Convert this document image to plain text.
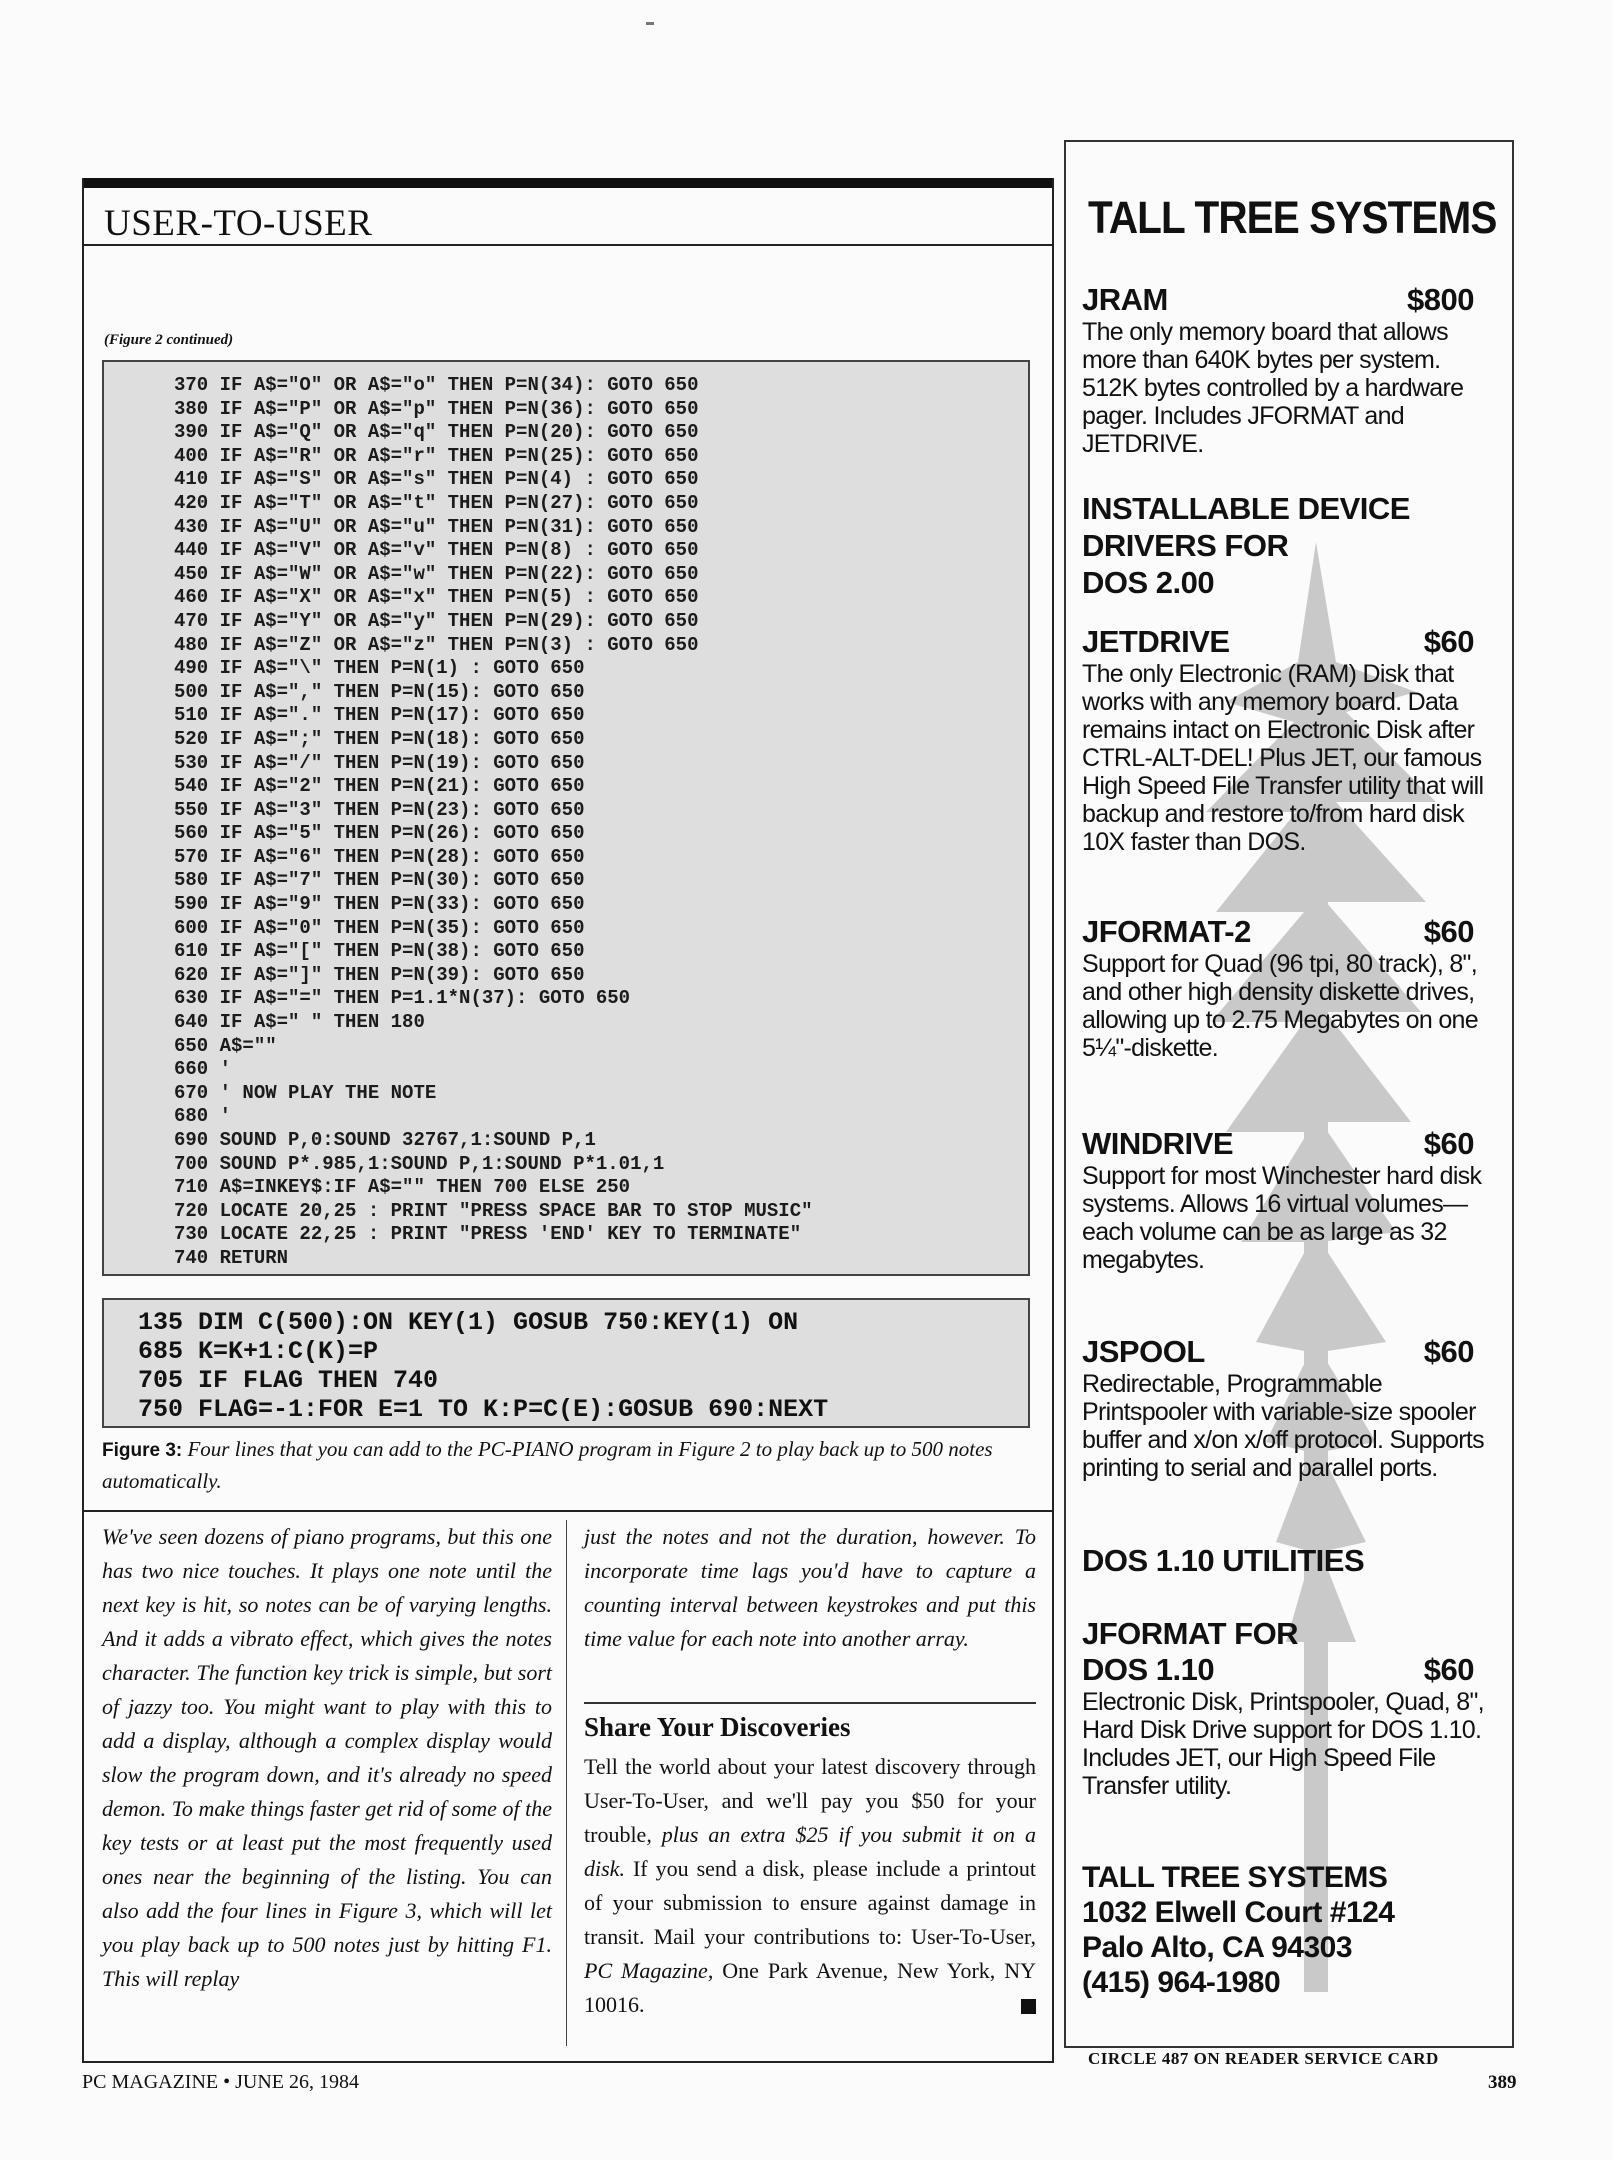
USER-TO-USER
(Figure 2 continued)
370 IF A$="O" OR A$="o" THEN P=N(34): GOTO 650
380 IF A$="P" OR A$="p" THEN P=N(36): GOTO 650
390 IF A$="Q" OR A$="q" THEN P=N(20): GOTO 650
400 IF A$="R" OR A$="r" THEN P=N(25): GOTO 650
410 IF A$="S" OR A$="s" THEN P=N(4) : GOTO 650
420 IF A$="T" OR A$="t" THEN P=N(27): GOTO 650
430 IF A$="U" OR A$="u" THEN P=N(31): GOTO 650
440 IF A$="V" OR A$="v" THEN P=N(8) : GOTO 650
450 IF A$="W" OR A$="w" THEN P=N(22): GOTO 650
460 IF A$="X" OR A$="x" THEN P=N(5) : GOTO 650
470 IF A$="Y" OR A$="y" THEN P=N(29): GOTO 650
480 IF A$="Z" OR A$="z" THEN P=N(3) : GOTO 650
490 IF A$="\" THEN P=N(1) : GOTO 650
500 IF A$="," THEN P=N(15): GOTO 650
510 IF A$="." THEN P=N(17): GOTO 650
520 IF A$=";" THEN P=N(18): GOTO 650
530 IF A$="/" THEN P=N(19): GOTO 650
540 IF A$="2" THEN P=N(21): GOTO 650
550 IF A$="3" THEN P=N(23): GOTO 650
560 IF A$="5" THEN P=N(26): GOTO 650
570 IF A$="6" THEN P=N(28): GOTO 650
580 IF A$="7" THEN P=N(30): GOTO 650
590 IF A$="9" THEN P=N(33): GOTO 650
600 IF A$="0" THEN P=N(35): GOTO 650
610 IF A$="[" THEN P=N(38): GOTO 650
620 IF A$="]" THEN P=N(39): GOTO 650
630 IF A$="=" THEN P=1.1*N(37): GOTO 650
640 IF A$=" " THEN 180
650 A$=""
660 '
670 ' NOW PLAY THE NOTE
680 '
690 SOUND P,0:SOUND 32767,1:SOUND P,1
700 SOUND P*.985,1:SOUND P,1:SOUND P*1.01,1
710 A$=INKEY$:IF A$="" THEN 700 ELSE 250
720 LOCATE 20,25 : PRINT "PRESS SPACE BAR TO STOP MUSIC"
730 LOCATE 22,25 : PRINT "PRESS 'END' KEY TO TERMINATE"
740 RETURN
135 DIM C(500):ON KEY(1) GOSUB 750:KEY(1) ON
685 K=K+1:C(K)=P
705 IF FLAG THEN 740
750 FLAG=-1:FOR E=1 TO K:P=C(E):GOSUB 690:NEXT
Figure 3: Four lines that you can add to the PC-PIANO program in Figure 2 to play back up to 500 notes automatically.
We've seen dozens of piano programs, but this one has two nice touches. It plays one note until the next key is hit, so notes can be of varying lengths. And it adds a vibrato effect, which gives the notes character. The function key trick is simple, but sort of jazzy too. You might want to play with this to add a display, although a complex display would slow the program down, and it's already no speed demon. To make things faster get rid of some of the key tests or at least put the most frequently used ones near the beginning of the listing. You can also add the four lines in Figure 3, which will let you play back up to 500 notes just by hitting F1. This will replay
just the notes and not the duration, however. To incorporate time lags you'd have to capture a counting interval between keystrokes and put this time value for each note into another array.
Share Your Discoveries
Tell the world about your latest discovery through User-To-User, and we'll pay you $50 for your trouble, plus an extra $25 if you submit it on a disk. If you send a disk, please include a printout of your submission to ensure against damage in transit. Mail your contributions to: User-To-User, PC Magazine, One Park Avenue, New York, NY 10016.
PC MAGAZINE • JUNE 26, 1984
CIRCLE 487 ON READER SERVICE CARD
389
TALL TREE SYSTEMS
JRAM	$800
The only memory board that allows more than 640K bytes per system. 512K bytes controlled by a hardware pager. Includes JFORMAT and JETDRIVE.
INSTALLABLE DEVICE
DRIVERS FOR
DOS 2.00
JETDRIVE	$60
The only Electronic (RAM) Disk that works with any memory board. Data remains intact on Electronic Disk after CTRL-ALT-DEL! Plus JET, our famous High Speed File Transfer utility that will backup and restore to/from hard disk 10X faster than DOS.
JFORMAT-2	$60
Support for Quad (96 tpi, 80 track), 8", and other high density diskette drives, allowing up to 2.75 Megabytes on one 5¼"-diskette.
WINDRIVE	$60
Support for most Winchester hard disk systems. Allows 16 virtual volumes—each volume can be as large as 32 megabytes.
JSPOOL	$60
Redirectable, Programmable Printspooler with variable-size spooler buffer and x/on x/off protocol. Supports printing to serial and parallel ports.
DOS 1.10 UTILITIES
JFORMAT FOR
DOS 1.10	$60
Electronic Disk, Printspooler, Quad, 8", Hard Disk Drive support for DOS 1.10. Includes JET, our High Speed File Transfer utility.
TALL TREE SYSTEMS
1032 Elwell Court #124
Palo Alto, CA 94303
(415) 964-1980
